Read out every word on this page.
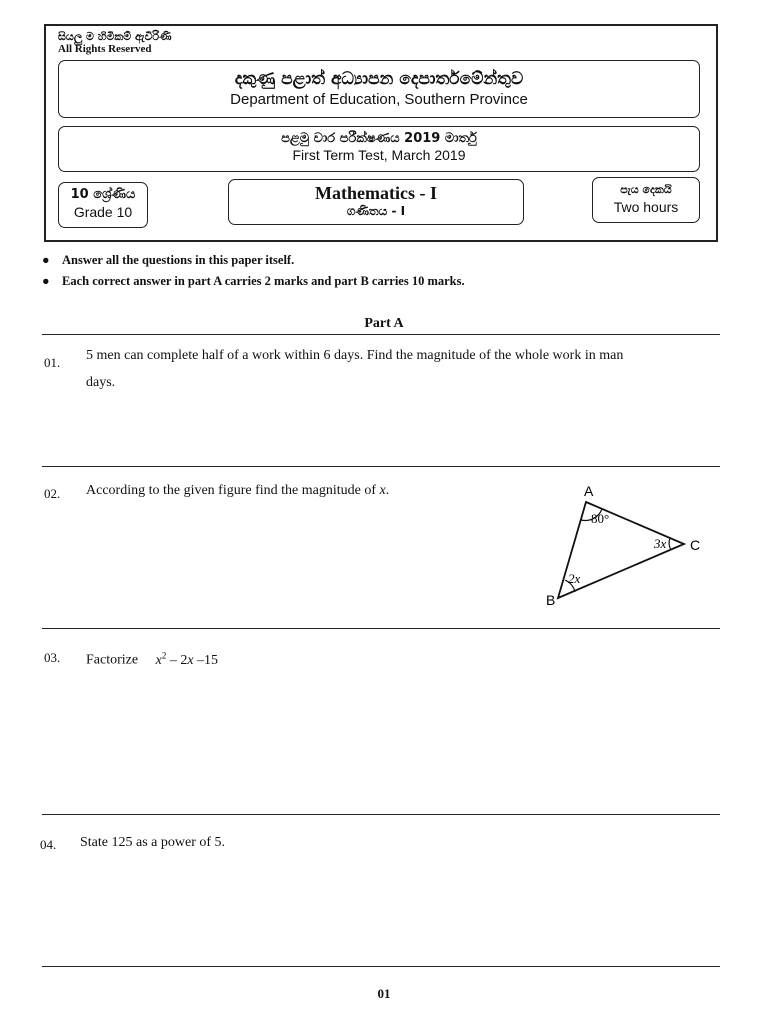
සියලු ම හිමිකම් ඇවිරිණි
All Rights Reserved
දකුණු පළාත් අධ්‍යාපන දෙපාර්තමේන්තුව
Department of Education, Southern Province
පළමු වාර පරීක්ෂණය 2019 මාර්තු
First Term Test, March 2019
10 ශ්‍රේණිය
Grade 10
Mathematics - I
ගණිතය - I
පැය දෙකයි
Two hours
● Answer all the questions in this paper itself.
● Each correct answer in part A carries 2 marks and part B carries 10 marks.
Part A
01. 5 men can complete half of a work within 6 days. Find the magnitude of the whole work in man
days.
02. According to the given figure find the magnitude of x.	A
B
C
80°
3x
2x
03. Factorize $x^2 - 2x$ –15
04. State 125 as a power of 5.
01
